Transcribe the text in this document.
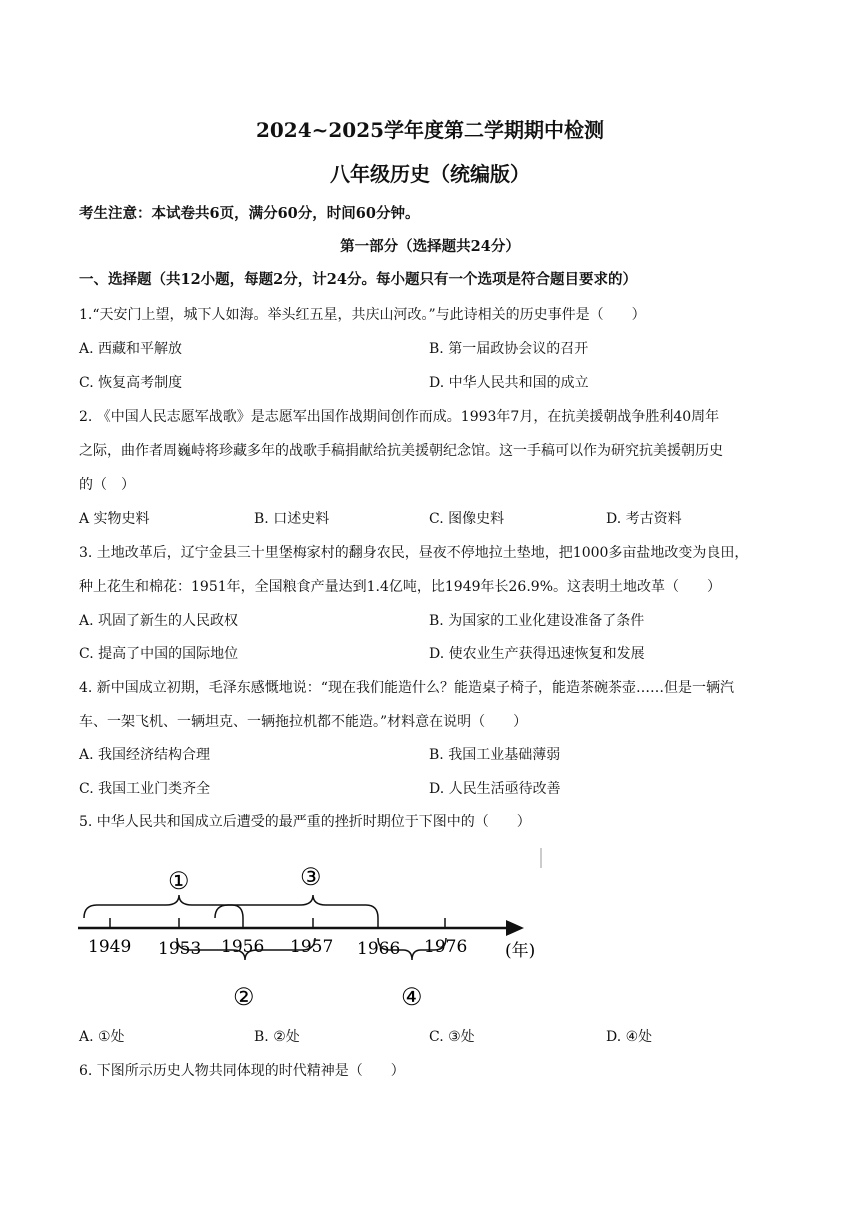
2024~2025学年度第二学期期中检测
八年级历史（统编版）
考生注意：本试卷共6页，满分60分，时间60分钟。
第一部分（选择题共24分）
一、选择题（共12小题，每题2分，计24分。每小题只有一个选项是符合题目要求的）
1.“天安门上望，城下人如海。举头红五星，共庆山河改。”与此诗相关的历史事件是（　　）
A. 西藏和平解放	B. 第一届政协会议的召开
C. 恢复高考制度	D. 中华人民共和国的成立
2. 《中国人民志愿军战歌》是志愿军出国作战期间创作而成。1993年7月，在抗美援朝战争胜利40周年
之际，曲作者周巍峙将珍藏多年的战歌手稿捐献给抗美援朝纪念馆。这一手稿可以作为研究抗美援朝历史
的（　）
A 实物史料	B. 口述史料	C. 图像史料	D. 考古资料
3. 土地改革后，辽宁金县三十里堡梅家村的翻身农民，昼夜不停地拉土垫地，把1000多亩盐地改变为良田，
种上花生和棉花：1951年，全国粮食产量达到1.4亿吨，比1949年长26.9%。这表明土地改革（　　）
A. 巩固了新生的人民政权	B. 为国家的工业化建设准备了条件
C. 提高了中国的国际地位	D. 使农业生产获得迅速恢复和发展
4. 新中国成立初期，毛泽东感慨地说：“现在我们能造什么？能造桌子椅子，能造茶碗茶壶……但是一辆汽
车、一架飞机、一辆坦克、一辆拖拉机都不能造。”材料意在说明（　　）
A. 我国经济结构合理	B. 我国工业基础薄弱
C. 我国工业门类齐全	D. 人民生活亟待改善
5. 中华人民共和国成立后遭受的最严重的挫折时期位于下图中的（　　）
1949 1953 1956 1957 1966 1976 (年)
①	③
②	④
A. ①处	B. ②处	C. ③处	D. ④处
6. 下图所示历史人物共同体现的时代精神是（　　）
